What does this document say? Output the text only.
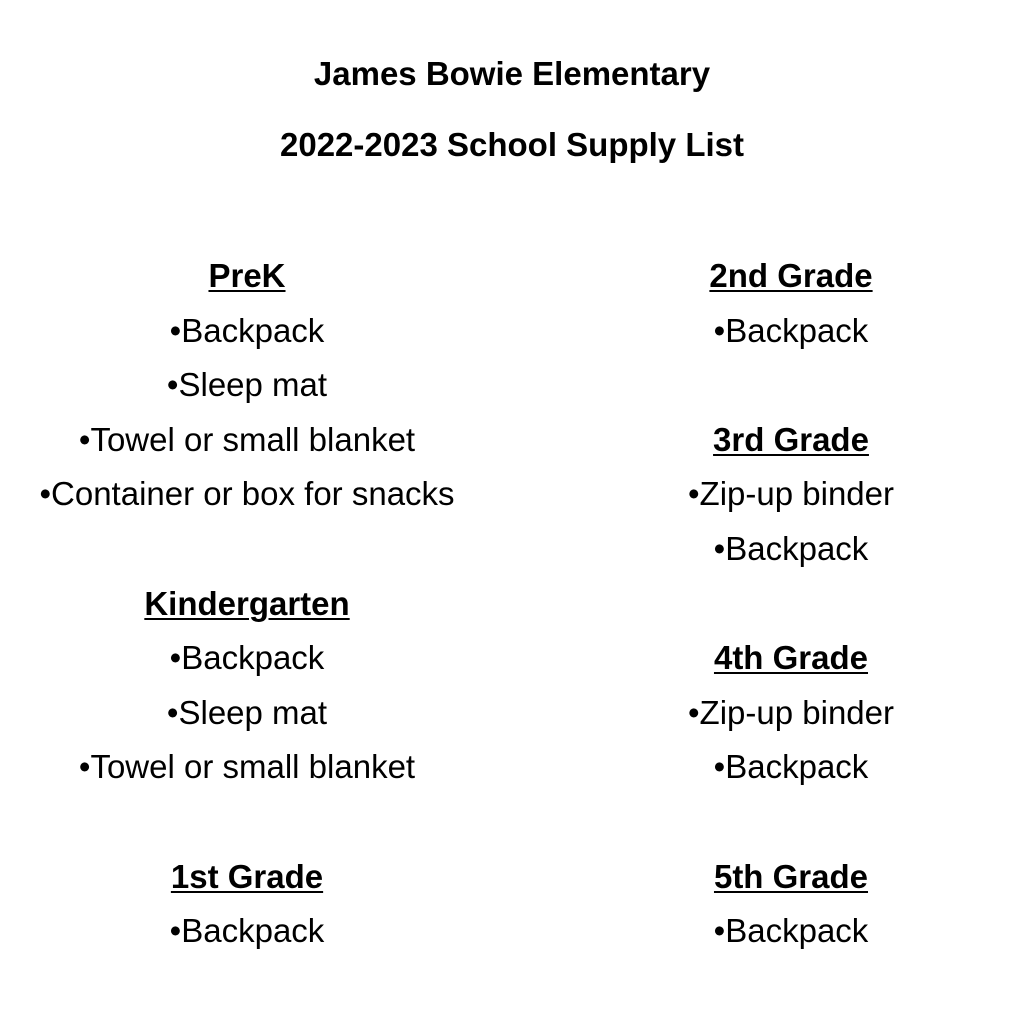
James Bowie Elementary
2022-2023 School Supply List
PreK
• Backpack
• Sleep mat
• Towel or small blanket
• Container or box for snacks
Kindergarten
• Backpack
• Sleep mat
• Towel or small blanket
1st Grade
• Backpack
2nd Grade
• Backpack
3rd Grade
• Zip-up binder
• Backpack
4th Grade
• Zip-up binder
• Backpack
5th Grade
• Backpack
